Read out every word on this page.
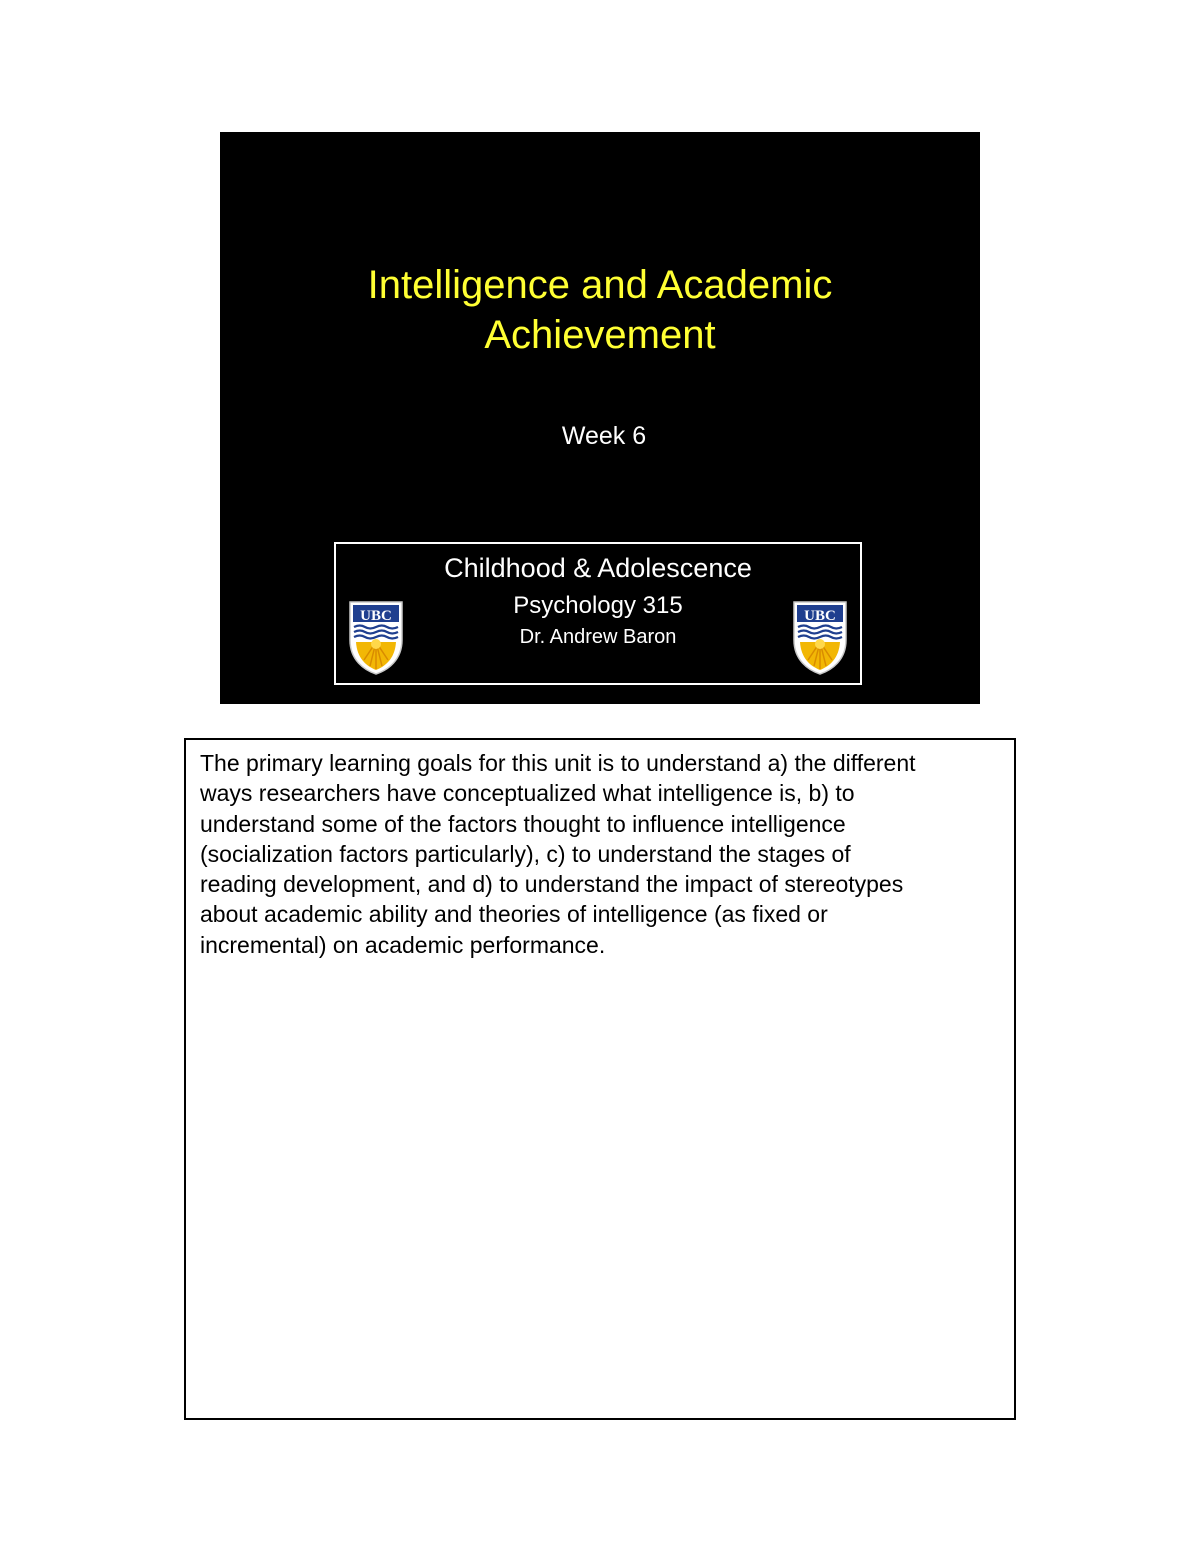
Intelligence and Academic
Achievement
Week 6
UBC
Childhood & Adolescence
Psychology 315
Dr. Andrew Baron
UBC

The primary learning goals for this unit is to understand a) the different
ways researchers have conceptualized what intelligence is, b) to
understand some of the factors thought to influence intelligence
(socialization factors particularly), c) to understand the stages of
reading development, and d) to understand the impact of stereotypes
about academic ability and theories of intelligence (as fixed or
incremental) on academic performance.
